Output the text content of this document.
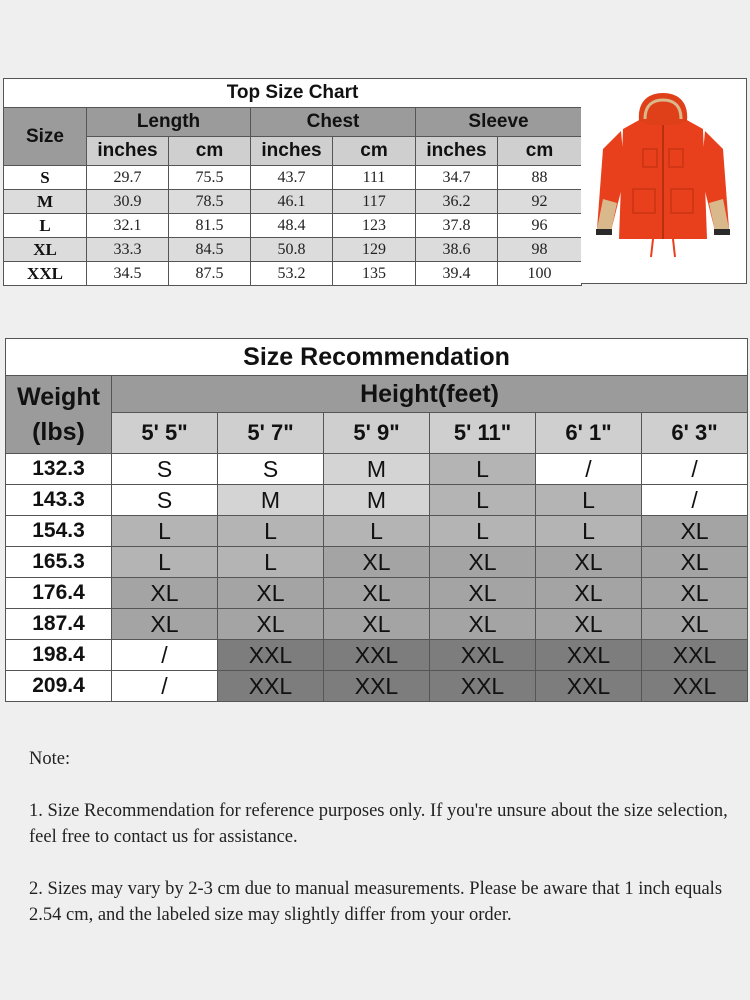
Top Size Chart						
Size	Length		Chest		Sleeve	
	inches	cm	inches	cm	inches	cm
S	29.7	75.5	43.7	111	34.7	88
M	30.9	78.5	46.1	117	36.2	92
L	32.1	81.5	48.4	123	37.8	96
XL	33.3	84.5	50.8	129	38.6	98
XXL	34.5	87.5	53.2	135	39.4	100
Size Recommendation						

Weight
(lbs)	Height(feet)					
	5' 5"	5' 7"	5' 9"	5' 11"	6' 1"	6' 3"
132.3	S	S	M	L	/	/
143.3	S	M	M	L	L	/
154.3	L	L	L	L	L	XL
165.3	L	L	XL	XL	XL	XL
176.4	XL	XL	XL	XL	XL	XL
187.4	XL	XL	XL	XL	XL	XL
198.4	/	XXL	XXL	XXL	XXL	XXL
209.4	/	XXL	XXL	XXL	XXL	XXL

Note:

1. Size Recommendation for reference purposes only. If you're unsure about the size selection, feel free to contact us for assistance.

2. Sizes may vary by 2-3 cm due to manual measurements. Please be aware that 1 inch equals 2.54 cm, and the labeled size may slightly differ from your order.
